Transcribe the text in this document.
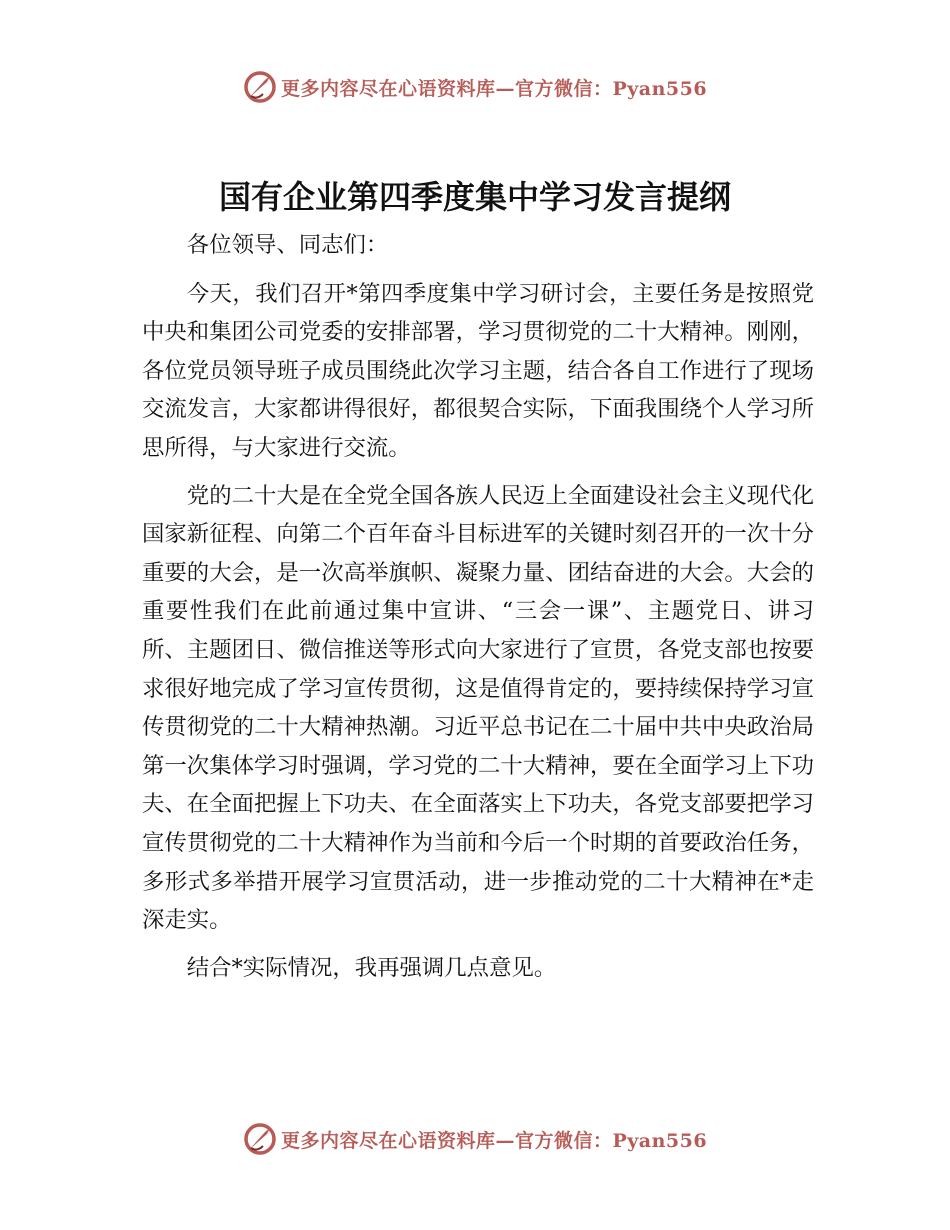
更多内容尽在心语资料库—官方微信：Pyan556
国有企业第四季度集中学习发言提纲

各位领导、同志们：

今天，我们召开*第四季度集中学习研讨会，主要任务是按照党中央和集团公司党委的安排部署，学习贯彻党的二十大精神。刚刚，各位党员领导班子成员围绕此次学习主题，结合各自工作进行了现场交流发言，大家都讲得很好，都很契合实际，下面我围绕个人学习所思所得，与大家进行交流。

党的二十大是在全党全国各族人民迈上全面建设社会主义现代化国家新征程、向第二个百年奋斗目标进军的关键时刻召开的一次十分重要的大会，是一次高举旗帜、凝聚力量、团结奋进的大会。大会的重要性我们在此前通过集中宣讲、“三会一课”、主题党日、讲习所、主题团日、微信推送等形式向大家进行了宣贯，各党支部也按要求很好地完成了学习宣传贯彻，这是值得肯定的，要持续保持学习宣传贯彻党的二十大精神热潮。习近平总书记在二十届中共中央政治局第一次集体学习时强调，学习党的二十大精神，要在全面学习上下功夫、在全面把握上下功夫、在全面落实上下功夫，各党支部要把学习宣传贯彻党的二十大精神作为当前和今后一个时期的首要政治任务，多形式多举措开展学习宣贯活动，进一步推动党的二十大精神在*走深走实。

结合*实际情况，我再强调几点意见。

更多内容尽在心语资料库—官方微信：Pyan556
